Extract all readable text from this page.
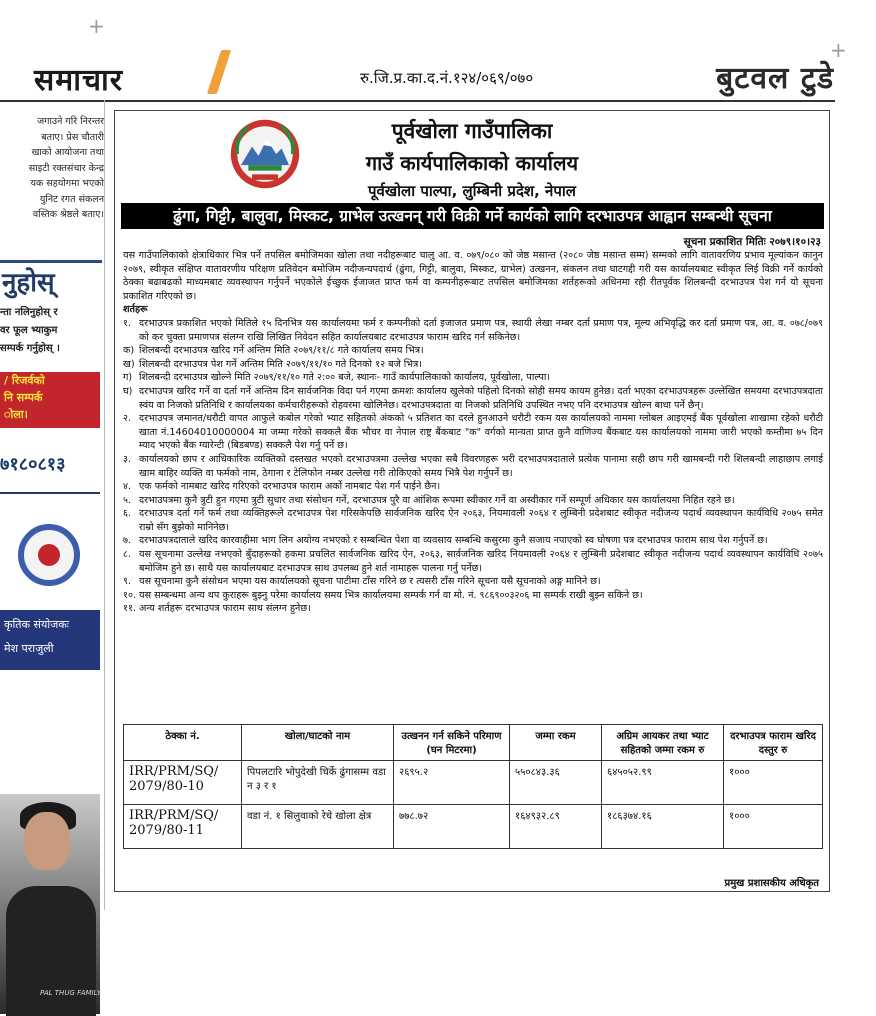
+
+
समाचार	रु.जि.प्र.का.द.नं.१२४/०६९/०७०	बुटवल टुडे
जगाउने गरि निरन्तर
बताए। प्रेस चौतारी
खाको आयोजना तथा
साइटी रक्तसंचार केन्द्र
यक सहयोगमा भएको
युनिट रगत संकलन
वस्तिक श्रेष्ठले बताए।
नुहोस्
न्ता नलिनुहोस् र
वर फूल भ्याकुम
सम्पर्क गर्नुहोस् ।
/ रिजर्वको
नि सम्पर्क
ोला।
७१८०८१३
कृतिक संयोजकः
मेश पराजुली
PAL THUG FAMILY
पूर्वखोला गाउँपालिका
गाउँ कार्यपालिकाको कार्यालय
पूर्वखोला पाल्पा, लुम्बिनी प्रदेश, नेपाल
ढुंगा, गिट्टी, बालुवा, मिस्कट, ग्राभेल उत्खनन् गरी विक्री गर्ने कार्यको लागि दरभाउपत्र आह्वान सम्बन्धी सूचना
सूचना प्रकाशित मितिः २०७९।१०।२३

यस गाउँपालिकाको क्षेत्राधिकार भित्र पर्ने तपसिल बमोजिमका खोला तथा नदीहरूबाट चालु आ. व. ०७९/०८० को जेष्ठ मसान्त (२०८० जेष्ठ मसान्त सम्म) सम्मको लागि वातावरणिय प्रभाव मूल्यांकन कानुन २०७९, स्वीकृत संक्षिप्त वातावरणीय परिक्षण प्रतिवेदन बमोजिम नदीजन्यपदार्थ (ढुंगा, गिट्टी, बालुवा, मिस्कट, ग्राभेल) उत्खनन, संकलन तथा घाटगद्दी गरी यस कार्यालयबाट स्वीकृत लिई विक्री गर्ने कार्यको ठेक्का बढाबढको माध्यमबाट व्यवस्थापन गर्नुपर्ने भएकोले ईच्छुक ईजाजत प्राप्त फर्म वा कम्पनीहरूबाट तपसिल बमोजिमका शर्तहरूको अधिनमा रही रीतपूर्वक शिलबन्दी दरभाउपत्र पेश गर्न यो सूचना प्रकाशित गरिएको छ।

शर्तहरू
१. दरभाउपत्र प्रकाशित भएको मितिले १५ दिनभित्र यस कार्यालयमा फर्म र कम्पनीको दर्ता इजाजत प्रमाण पत्र, स्थायी लेखा नम्बर दर्ता प्रमाण पत्र, मूल्य अभिवृद्धि कर दर्ता प्रमाण पत्र, आ. व. ०७८/०७९ को कर चुक्ता प्रमाणपत्र संलग्न राखि लिखित निवेदन सहित कार्यालयबाट दरभाउपत्र फाराम खरिद गर्न सकिनेछ।
क) शिलबन्दी दरभाउपत्र खरिद गर्ने अन्तिम मिति २०७९/११/८ गते कार्यालय समय भित्र।
ख) शिलबन्दी दरभाउपत्र पेश गर्ने अन्तिम मिति २०७९/११/१० गते दिनको १२ बजे भित्र।
ग) शिलबन्दी दरभाउपत्र खोल्ने मिति २०७९/११/१० गते २:०० बजे, स्थानः- गाउँ कार्यपालिकाको कार्यालय, पूर्वखोला, पाल्पा।
घ) दरभाउपत्र खरिद गर्ने वा दर्ता गर्ने अन्तिम दिन सार्वजनिक विदा पर्न गएमा क्रमशः कार्यालय खुलेको पहिलो दिनको सोही समय कायम हुनेछ। दर्ता भएका दरभाउपत्रहरू उल्लेखित समयमा दरभाउपत्रदाता स्वंय वा निजको प्रतिनिधि र कार्यालयका कर्मचारीहरूको रोहवरमा खोलिनेछ। दरभाउपत्रदाता वा निजको प्रतिनिधि उपस्थित नभए पनि दरभाउपत्र खोल्न बाधा पर्ने छैन्।
२. दरभाउपत्र जमानत/धरौटी वापत आफुले कबोल गरेको भ्याट सहितको अंकको ५ प्रतिशत का दरले हुनआउने धरौटी रकम यस कार्यालयको नाममा ग्लोबल आइएमई बैंक पूर्वखोला शाखामा रहेको धरौटी खाता नं.14604010000004 मा जम्मा गरेको सक्कलै बैंक भौचर वा नेपाल राष्ट्र बैंकबाट "क" वर्गको मान्यता प्राप्त कुनै वाणिज्य बैंकबाट यस कार्यालयको नाममा जारी भएको कम्तीमा ७५ दिन म्याद भएको बैंक ग्यारेन्टी (बिडबण्ड) सक्कलै पेश गर्नु पर्ने छ।
३. कार्यालयको छाप र आधिकारिक व्यक्तिको दस्तखत भएको दरभाउपत्रमा उल्लेख भएका सबै विवरणहरू भरी दरभाउपत्रदाताले प्रत्येक पानामा सही छाप गरी खामबन्दी गरी शिलबन्दी लाहाछाप लगाई खाम बाहिर व्यक्ति वा फर्मको नाम, ठेगाना र टेलिफोन नम्बर उल्लेख गरी तोकिएको समय भित्रै पेश गर्नुपर्ने छ।
४. एक फर्मको नामबाट खरिद गरिएको दरभाउपत्र फाराम अर्को नामबाट पेश गर्न पाईने छैन।
५. दरभाउपत्रमा कुनै त्रुटी हुन गएमा त्रुटी सुधार तथा संसोधन गर्ने, दरभाउपत्र पुरै वा आंशिक रूपमा स्वीकार गर्ने वा अस्वीकार गर्ने सम्पूर्ण अधिकार यस कार्यालयमा निहित रहने छ।
६. दरभाउपत्र दर्ता गर्ने फर्म तथा व्यक्तिहरूले दरभाउपत्र पेश गरिसकेपछि सार्वजनिक खरिद ऐन २०६३, नियमावली २०६४ र लुम्बिनी प्रदेशबाट स्वीकृत नदीजन्य पदार्थ व्यवस्थापन कार्यविधि २०७५ समेत राम्रो सँग बुझेको मानिनेछ।
७. दरभाउपत्रदाताले खरिद कारवाहीमा भाग लिन अयोग्य नभएको र सम्बन्धित पेशा वा व्यवसाय सम्बन्धि कसुरमा कुनै सजाय नपाएको स्व घोषणा पत्र दरभाउपत्र फाराम साथ पेश गर्नुपर्ने छ।
८. यस सूचनामा उल्लेख नभएको बुँदाहरूको हकमा प्रचलित सार्वजनिक खरिद ऐन, २०६३, सार्वजनिक खरिद नियमावली २०६४ र लुम्बिनी प्रदेशबाट स्वीकृत नदीजन्य पदार्थ व्यवस्थापन कार्यविधि २०७५ बमोजिम हुने छ। साथै यस कार्यालयबाट दरभाउपत्र साथ उपलब्ध हुने शर्त नामाहरू पालना गर्नु पर्नेछ।
९. यस सूचनामा कुनै संसोधन भएमा यस कार्यालयको सूचना पाटीमा टाँस गरिने छ र त्यसरी टाँस गरिने सूचना यसै सूचनाको अङ्ग मानिने छ।
१०. यस सम्बन्धमा अन्य थप कुराहरू बुझ्नु परेमा कार्यालय समय भित्र कार्यालयमा सम्पर्क गर्न वा मो. नं. ९८६९००३२०६ मा सम्पर्क राखी बुझ्न सकिने छ।
११. अन्य शर्तहरू दरभाउपत्र फाराम साथ संलग्न हुनेछ।
ठेक्का नं.	खोला/घाटको नाम	उत्खनन गर्न सकिने परिमाण (घन मिटरमा)	जम्मा रकम	अग्रिम आयकर तथा भ्याट सहितको जम्मा रकम रु	दरभाउपत्र फाराम खरिद दस्तुर रु
IRR/PRM/SQ/ 2079/80-10	पिपलटारि भोपुदेखी चिर्के ढुंगासम्म वडा न ३ र १	२६९५.२	५५०८४३.३६	६४५०५२.९९	१०००
IRR/PRM/SQ/ 2079/80-11	वडा नं. १ सिलुवाको रेचे खोला क्षेत्र	७७८.७२	१६४९३२.८९	१८६३७४.१६	१०००
प्रमुख प्रशासकीय अधिकृत
